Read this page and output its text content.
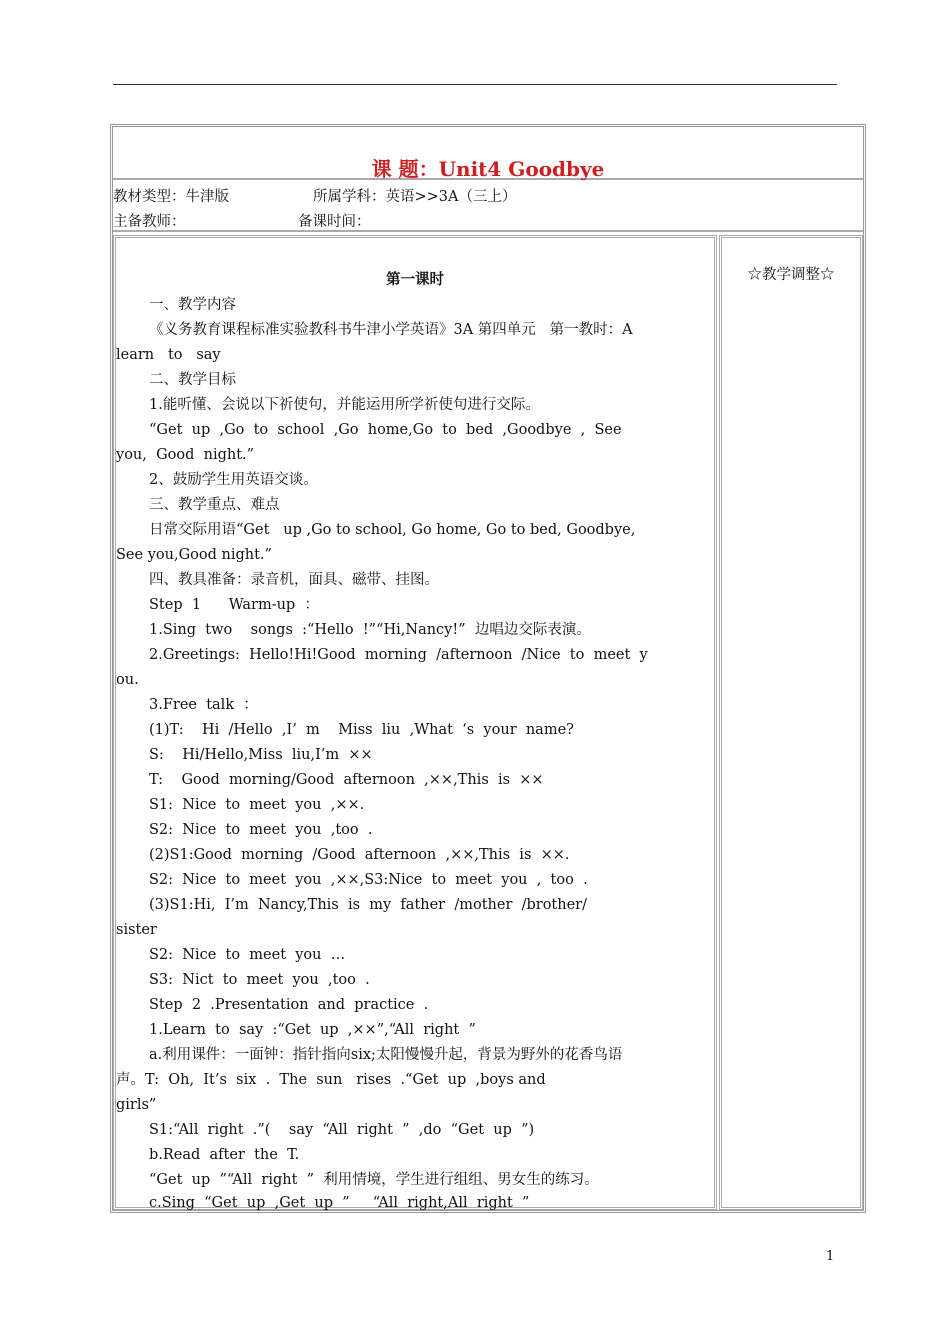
课 题：Unit4 Goodbye

教材类型：牛津版

	所属学科：英语>>3A（三上）

主备教师：

	备课时间：

第一课时
一、教学内容
《义务教育课程标准实验教科书牛津小学英语》3A 第四单元   第一教时：A
learn   to   say
二、教学目标
1.能听懂、会说以下祈使句，并能运用所学祈使句进行交际。
“Get  up  ,Go  to  school  ,Go  home,Go  to  bed  ,Goodbye  ,  See
you,  Good  night.”
2、鼓励学生用英语交谈。
三、教学重点、难点
日常交际用语“Get   up ,Go to school, Go home, Go to bed, Goodbye,
See you,Good night.”
四、教具准备：录音机，面具、磁带、挂图。
Step  1      Warm-up  ：
1.Sing  two    songs  :“Hello  !”“Hi,Nancy!”  边唱边交际表演。
2.Greetings:  Hello!Hi!Good  morning  /afternoon  /Nice  to  meet  y
ou.
3.Free  talk  ：
(1)T:    Hi  /Hello  ,I’  m    Miss  liu  ,What  ‘s  your  name?
S:    Hi/Hello,Miss  liu,I’m  ××
T:    Good  morning/Good  afternoon  ,××,This  is  ××
S1:  Nice  to  meet  you  ,××.
S2:  Nice  to  meet  you  ,too  .
(2)S1:Good  morning  /Good  afternoon  ,××,This  is  ××.
S2:  Nice  to  meet  you  ,××,S3:Nice  to  meet  you  ,  too  .
(3)S1:Hi,  I’m  Nancy,This  is  my  father  /mother  /brother/
sister
S2:  Nice  to  meet  you  …
S3:  Nict  to  meet  you  ,too  .
Step  2  .Presentation  and  practice  .
1.Learn  to  say  :“Get  up  ,××”,“All  right  ”
a.利用课件：一面钟：指针指向six;太阳慢慢升起，背景为野外的花香鸟语
声。T:  Oh,  It’s  six  .  The  sun   rises  .“Get  up  ,boys and
girls”
S1:“All  right  .”(    say  “All  right  ”  ,do  “Get  up  ”)
b.Read  after  the  T.
“Get  up  ”“All  right  ”  利用情境，学生进行组组、男女生的练习。
c.Sing  “Get  up  ,Get  up  ”     “All  right,All  right  ”
☆教学调整☆
1
